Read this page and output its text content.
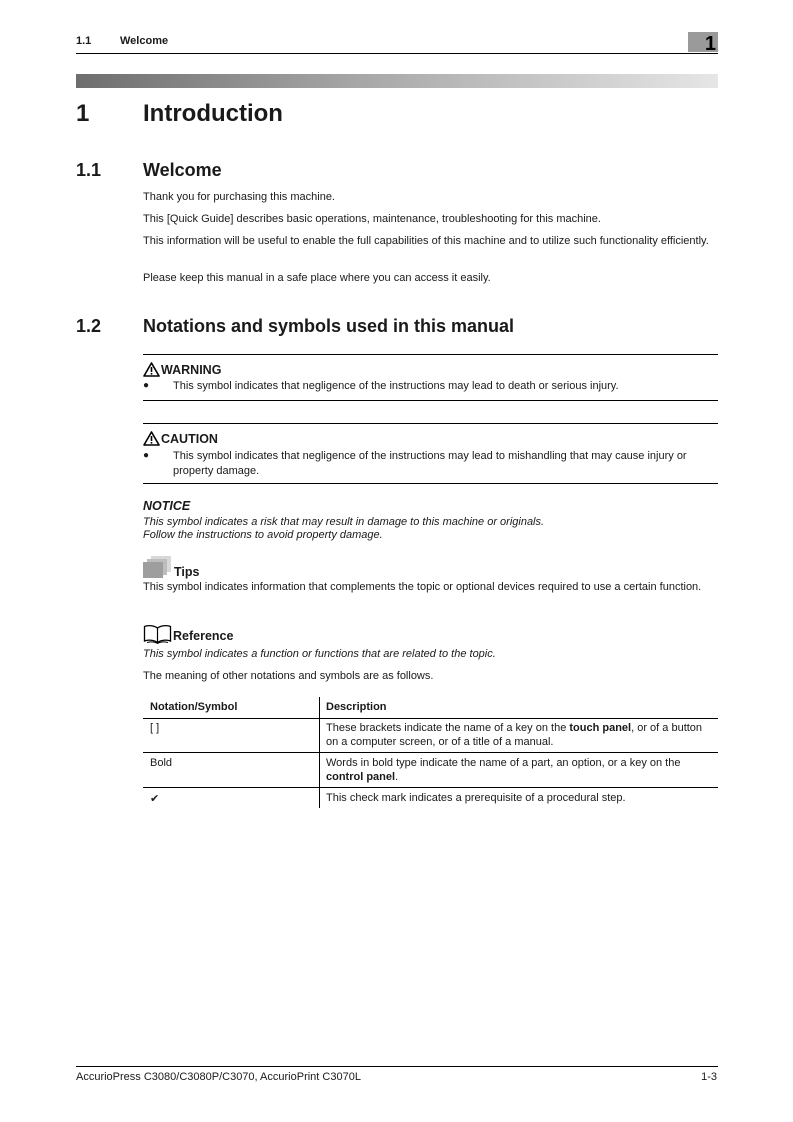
1.1	Welcome	1
1 Introduction
1.1 Welcome
Thank you for purchasing this machine.
This [Quick Guide] describes basic operations, maintenance, troubleshooting for this machine.
This information will be useful to enable the full capabilities of this machine and to utilize such functionality efficiently.
Please keep this manual in a safe place where you can access it easily.
1.2 Notations and symbols used in this manual
WARNING
● This symbol indicates that negligence of the instructions may lead to death or serious injury.
CAUTION
● This symbol indicates that negligence of the instructions may lead to mishandling that may cause injury or property damage.
NOTICE
This symbol indicates a risk that may result in damage to this machine or originals.
Follow the instructions to avoid property damage.
Tips
This symbol indicates information that complements the topic or optional devices required to use a certain function.
Reference
This symbol indicates a function or functions that are related to the topic.
The meaning of other notations and symbols are as follows.
Notation/Symbol	Description
[ ]	These brackets indicate the name of a key on the touch panel, or of a button on a computer screen, or of a title of a manual.
Bold	Words in bold type indicate the name of a part, an option, or a key on the control panel.
✔	This check mark indicates a prerequisite of a procedural step.
AccurioPress C3080/C3080P/C3070, AccurioPrint C3070L	1-3
